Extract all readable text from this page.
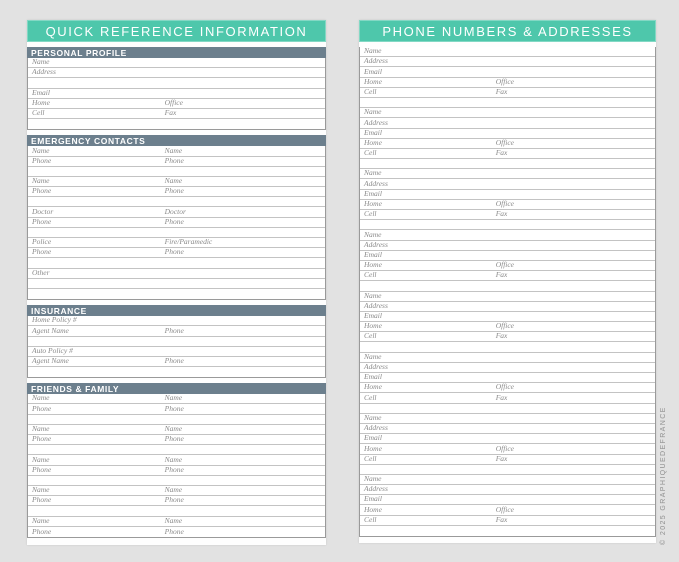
QUICK REFERENCE INFORMATION
PERSONAL PROFILE
Name
Address
Email
Home	Office
Cell	Fax
EMERGENCY CONTACTS
Name	Name
Phone	Phone
Name	Name
Phone	Phone
Doctor	Doctor
Phone	Phone
Police	Fire/Paramedic
Phone	Phone
Other
INSURANCE
Home Policy #
Agent Name	Phone
Auto Policy #
Agent Name	Phone
FRIENDS & FAMILY
Name	Name
Phone	Phone
Name	Name
Phone	Phone
Name	Name
Phone	Phone
Name	Name
Phone	Phone
Name	Name
Phone	Phone
PHONE NUMBERS & ADDRESSES
Name
Address
Email
Home	Office
Cell	Fax
Name
Address
Email
Home	Office
Cell	Fax
Name
Address
Email
Home	Office
Cell	Fax
Name
Address
Email
Home	Office
Cell	Fax
Name
Address
Email
Home	Office
Cell	Fax
Name
Address
Email
Home	Office
Cell	Fax
Name
Address
Email
Home	Office
Cell	Fax
Name
Address
Email
Home	Office
Cell	Fax	© 2025 GRAPHIQUEDEFRANCE
